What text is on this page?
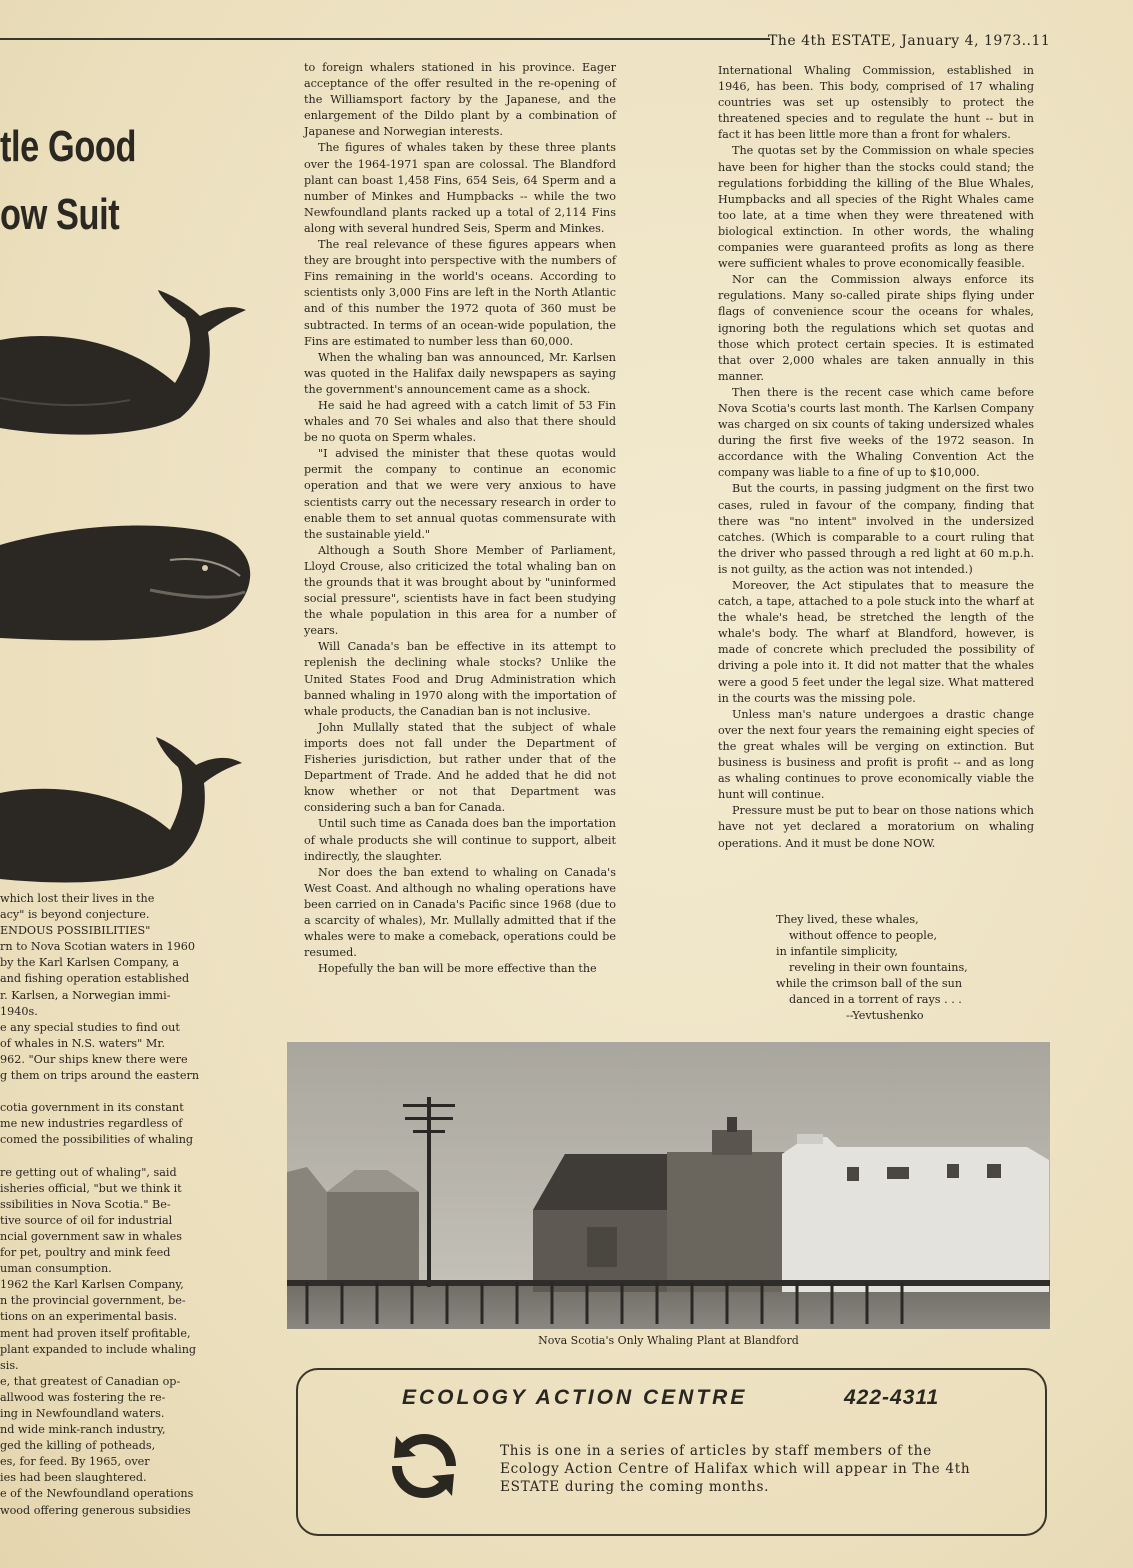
The 4th ESTATE, January 4, 1973..11
tle Good
ow Suit

which lost their lives in the

acy" is beyond conjecture.

ENDOUS POSSIBILITIES"

rn to Nova Scotian waters in 1960

by the Karl Karlsen Company, a

and fishing operation established

r. Karlsen, a Norwegian immi-

1940s.

e any special studies to find out

of whales in N.S. waters" Mr.

962. "Our ships knew there were

g them on trips around the eastern

cotia government in its constant

me new industries regardless of

comed the possibilities of whaling

re getting out of whaling", said

isheries official, "but we think it

ssibilities in Nova Scotia." Be-

tive source of oil for industrial

ncial government saw in whales

for pet, poultry and mink feed

uman consumption.

1962 the Karl Karlsen Company,

n the provincial government, be-

tions on an experimental basis.

ment had proven itself profitable,

plant expanded to include whaling

sis.

e, that greatest of Canadian op-

allwood was fostering the re-

ing in Newfoundland waters.

nd wide mink-ranch industry,

ged the killing of potheads,

es, for feed. By 1965, over

ies had been slaughtered.

e of the Newfoundland operations

wood offering generous subsidies

to foreign whalers stationed in his province. Eager acceptance of the offer resulted in the re-opening of the Williamsport factory by the Japanese, and the enlargement of the Dildo plant by a combination of Japanese and Norwegian interests.

The figures of whales taken by these three plants over the 1964-1971 span are colossal. The Blandford plant can boast 1,458 Fins, 654 Seis, 64 Sperm and a number of Minkes and Humpbacks -- while the two Newfoundland plants racked up a total of 2,114 Fins along with several hundred Seis, Sperm and Minkes.

The real relevance of these figures appears when they are brought into perspective with the numbers of Fins remaining in the world's oceans. According to scientists only 3,000 Fins are left in the North Atlantic and of this number the 1972 quota of 360 must be subtracted. In terms of an ocean-wide population, the Fins are estimated to number less than 60,000.

When the whaling ban was announced, Mr. Karlsen was quoted in the Halifax daily newspapers as saying the government's announcement came as a shock.

He said he had agreed with a catch limit of 53 Fin whales and 70 Sei whales and also that there should be no quota on Sperm whales.

"I advised the minister that these quotas would permit the company to continue an economic operation and that we were very anxious to have scientists carry out the necessary research in order to enable them to set annual quotas commensurate with the sustainable yield."

Although a South Shore Member of Parliament, Lloyd Crouse, also criticized the total whaling ban on the grounds that it was brought about by "uninformed social pressure", scientists have in fact been studying the whale population in this area for a number of years.

Will Canada's ban be effective in its attempt to replenish the declining whale stocks? Unlike the United States Food and Drug Administration which banned whaling in 1970 along with the importation of whale products, the Canadian ban is not inclusive.

John Mullally stated that the subject of whale imports does not fall under the Department of Fisheries jurisdiction, but rather under that of the Department of Trade. And he added that he did not know whether or not that Department was considering such a ban for Canada.

Until such time as Canada does ban the importation of whale products she will continue to support, albeit indirectly, the slaughter.

Nor does the ban extend to whaling on Canada's West Coast. And although no whaling operations have been carried on in Canada's Pacific since 1968 (due to a scarcity of whales), Mr. Mullally admitted that if the whales were to make a comeback, operations could be resumed.

Hopefully the ban will be more effective than the

International Whaling Commission, established in 1946, has been. This body, comprised of 17 whaling countries was set up ostensibly to protect the threatened species and to regulate the hunt -- but in fact it has been little more than a front for whalers.

The quotas set by the Commission on whale species have been for higher than the stocks could stand; the regulations forbidding the killing of the Blue Whales, Humpbacks and all species of the Right Whales came too late, at a time when they were threatened with biological extinction. In other words, the whaling companies were guaranteed profits as long as there were sufficient whales to prove economically feasible.

Nor can the Commission always enforce its regulations. Many so-called pirate ships flying under flags of convenience scour the oceans for whales, ignoring both the regulations which set quotas and those which protect certain species. It is estimated that over 2,000 whales are taken annually in this manner.

Then there is the recent case which came before Nova Scotia's courts last month. The Karlsen Company was charged on six counts of taking undersized whales during the first five weeks of the 1972 season. In accordance with the Whaling Convention Act the company was liable to a fine of up to $10,000.

But the courts, in passing judgment on the first two cases, ruled in favour of the company, finding that there was "no intent" involved in the undersized catches. (Which is comparable to a court ruling that the driver who passed through a red light at 60 m.p.h. is not guilty, as the action was not intended.)

Moreover, the Act stipulates that to measure the catch, a tape, attached to a pole stuck into the wharf at the whale's head, be stretched the length of the whale's body. The wharf at Blandford, however, is made of concrete which precluded the possibility of driving a pole into it. It did not matter that the whales were a good 5 feet under the legal size. What mattered in the courts was the missing pole.

Unless man's nature undergoes a drastic change over the next four years the remaining eight species of the great whales will be verging on extinction. But business is business and profit is profit -- and as long as whaling continues to prove economically viable the hunt will continue.

Pressure must be put to bear on those nations which have not yet declared a moratorium on whaling operations. And it must be done NOW.

They lived, these whales,
without offence to people,
in infantile simplicity,
reveling in their own fountains,
while the crimson ball of the sun
danced in a torrent of rays . . .
--Yevtushenko
Nova Scotia's Only Whaling Plant at Blandford
ECOLOGY ACTION CENTRE	422-4311
This is one in a series of articles by staff members of the Ecology Action Centre of Halifax which will appear in The 4th ESTATE during the coming months.
